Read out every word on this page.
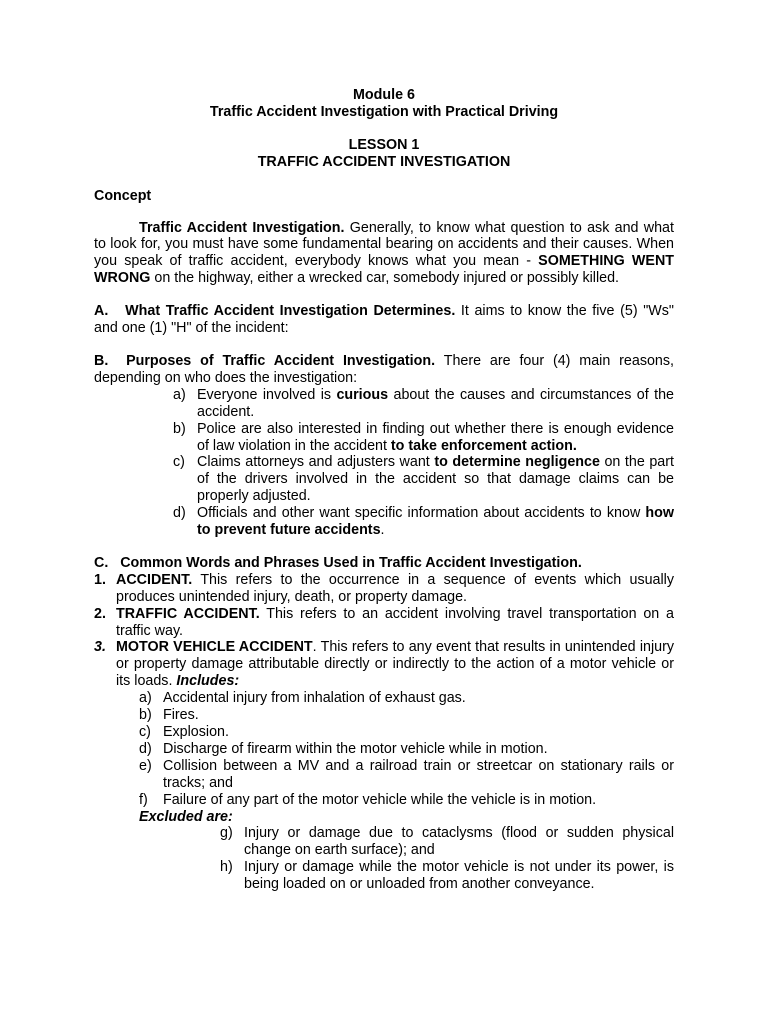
Module 6

Traffic Accident Investigation with Practical Driving

LESSON 1

TRAFFIC ACCIDENT INVESTIGATION

Concept

Traffic Accident Investigation. Generally, to know what question to ask and what to look for, you must have some fundamental bearing on accidents and their causes. When you speak of traffic accident, everybody knows what you mean - SOMETHING WENT WRONG on the highway, either a wrecked car, somebody injured or possibly killed.

A. What Traffic Accident Investigation Determines. It aims to know the five (5) "Ws" and one (1) "H" of the incident:

B. Purposes of Traffic Accident Investigation. There are four (4) main reasons, depending on who does the investigation:

a) Everyone involved is curious about the causes and circumstances of the accident.
b) Police are also interested in finding out whether there is enough evidence of law violation in the accident to take enforcement action.
c) Claims attorneys and adjusters want to determine negligence on the part of the drivers involved in the accident so that damage claims can be properly adjusted.
d) Officials and other want specific information about accidents to know how to prevent future accidents.

C. Common Words and Phrases Used in Traffic Accident Investigation.

1. ACCIDENT. This refers to the occurrence in a sequence of events which usually produces unintended injury, death, or property damage.
2. TRAFFIC ACCIDENT. This refers to an accident involving travel transportation on a traffic way.
3. MOTOR VEHICLE ACCIDENT. This refers to any event that results in unintended injury or property damage attributable directly or indirectly to the action of a motor vehicle or its loads. Includes:
a) Accidental injury from inhalation of exhaust gas.
b) Fires.
c) Explosion.
d) Discharge of firearm within the motor vehicle while in motion.
e) Collision between a MV and a railroad train or streetcar on stationary rails or tracks; and
f)	Failure of any part of the motor vehicle while the vehicle is in motion.

Excluded are:

g) Injury or damage due to cataclysms (flood or sudden physical change on earth surface); and
h) Injury or damage while the motor vehicle is not under its power, is being loaded on or unloaded from another conveyance.
